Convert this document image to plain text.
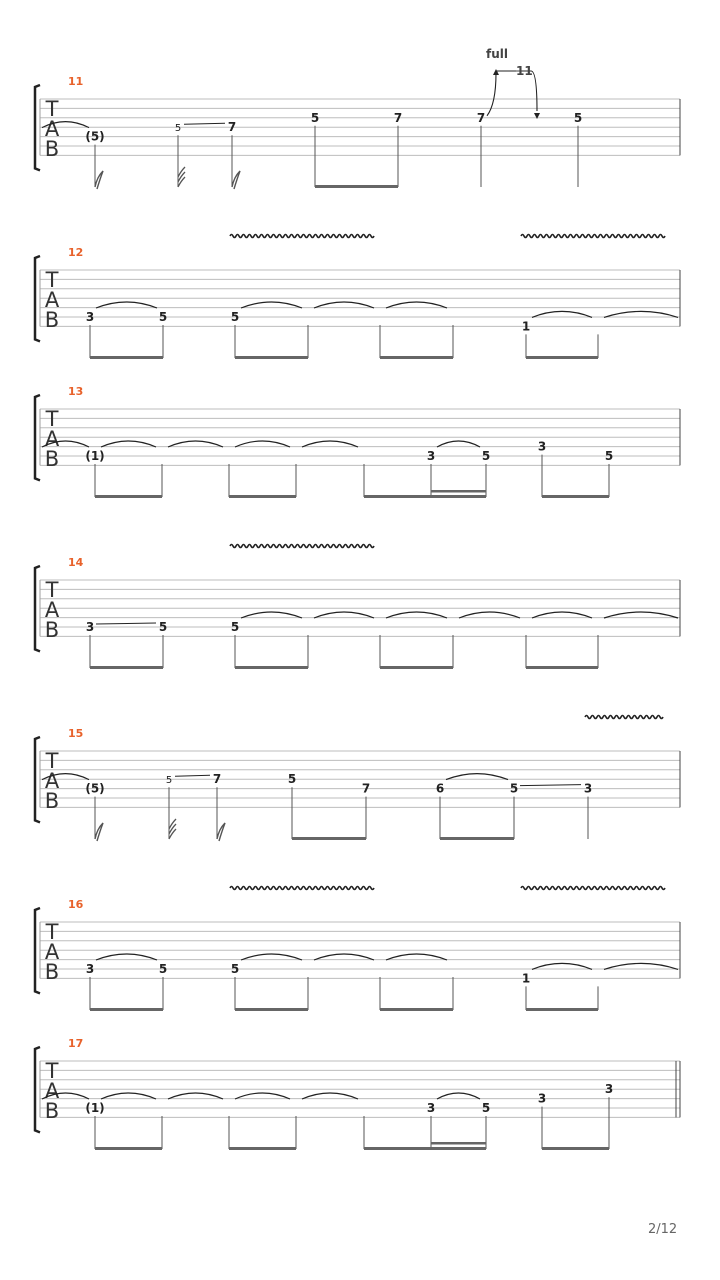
T
A
B
11
(5)
5	7
5	7	7	5
full
11
T
A
B
12
3	5	5
1
T
A
B
13
(1)	3	5
3
5
T
A
B
14
3	5	5
T
A
B
15
(5)
5	7	5
7	6	5	3
T
A
B
16
3	5	5
1
T
A
B
17
(1)	3	5
3
3
2/12
